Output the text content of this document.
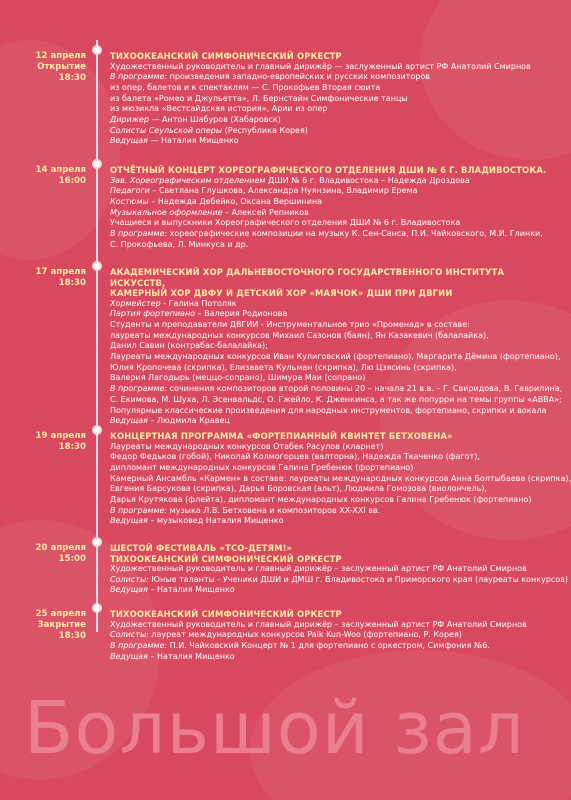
12 апреля
Открытие
18:30
ТИХООКЕАНСКИЙ СИМФОНИЧЕСКИЙ ОРКЕСТР
Художественный руководитель и главный дирижёр — заслуженный артист РФ Анатолий Смирнов
В программе: произведения западно-европейских и русских композиторов
из опер, балетов и к спектаклям — С. Прокофьев Вторая сюита
из балета «Ромео и Джульетта», Л. Бернстайн Симфонические танцы
из мюзикла «Вестсайдская история», Арии из опер
Дирижер — Антон Шабуров (Хабаровск)
Солисты Сеульской оперы (Республика Корея)
Ведущая — Наталия Мищенко
14 апреля
16:00
ОТЧЁТНЫЙ КОНЦЕРТ ХОРЕОГРАФИЧЕСКОГО ОТДЕЛЕНИЯ ДШИ № 6 Г. ВЛАДИВОСТОКА.
Зав. Хореографическим отделением ДШИ № 6 г. Владивостока – Надежда Дроздова
Педагоги – Светлана Глушкова, Александра Нуянзина, Владимир Ерема
Костюмы – Надежда Дебейко, Оксана Вершинина
Музыкальное оформление – Алексей Репников
Учащиеся и выпускники Хореографического отделения ДШИ № 6 г. Владивостока
В программе: хореографические композиции на музыку К. Сен-Санса, П.И. Чайковского, М.И. Глинки,
С. Прокофьева, Л. Минкуса и др.
17 апреля
18:30
АКАДЕМИЧЕСКИЙ ХОР ДАЛЬНЕВОСТОЧНОГО ГОСУДАРСТВЕННОГО ИНСТИТУТА ИСКУССТВ,
КАМЕРНЫЙ ХОР ДВФУ И ДЕТСКИЙ ХОР «МАЯЧОК» ДШИ ПРИ ДВГИИ
Хормейстер - Галина Потоляк
Партия фортепиано – Валерия Родионова
Студенты и преподаватели ДВГИИ - Инструментальное трио «Променад» в составе:
лауреаты международных конкурсов Михаил Сазонов (баян), Ян Казакевич (балалайка),
Данил Савин (контрабас-балалайка);
Лауреаты международных конкурсов Иван Кулиговский (фортепиано), Маргарита Дёмина (фортепиано),
Юлия Кропочева (скрипка), Елизавета Кульман (скрипка), Лю Цзясинь (скрипка),
Валерия Лагодырь (меццо-сопрано), Шимура Маи (сопрано)
В программе: сочинения композиторов второй половины 20 – начала 21 в.в. – Г. Свиридова, В. Гаврилина,
С. Екимова, М. Шуха, Л. Эсенвальдс, О. Гжейло, К. Дженкинса, а так же попурри на темы группы «АВВА»;
Популярные классические произведения для народных инструментов, фортепиано, скрипки и вокала
Ведущая – Людмила Кравец
19 апреля
18:30
КОНЦЕРТНАЯ ПРОГРАММА «ФОРТЕПИАННЫЙ КВИНТЕТ БЕТХОВЕНА»
Лауреаты международных конкурсов Отабек Расулов (кларнет)
Федор Федьков (гобой), Николай Колмогорцев (валторна), Надежда Ткаченко (фагот),
дипломант международных конкурсов Галина Гребенюк (фортепиано)
Камерный Ансамбль «Кармен» в составе: лауреаты международных конкурсов Анна Болтыбаева (скрипка),
Евгения Барсукова (скрипка), Дарья Боровская (альт), Людмила Гомозова (виолончель),
Дарья Крутякова (флейта), дипломант международных конкурсов Галина Гребенюк (фортепиано)
В программе: музыка Л.В. Бетховена и композиторов XX-XXI вв.
Ведущая – музыковед Наталия Мищенко
20 апреля
15:00
ШЕСТОЙ ФЕСТИВАЛЬ «ТСО-ДЕТЯМ!»
ТИХООКЕАНСКИЙ СИМФОНИЧЕСКИЙ ОРКЕСТР
Художественный руководитель и главный дирижёр – заслуженный артист РФ Анатолий Смирнов
Солисты: Юные таланты - Ученики ДШИ и ДМШ г. Владивостока и Приморского края (лауреаты конкурсов)
Ведущая – Наталия Мищенко
25 апреля
Закрытие
18:30
ТИХООКЕАНСКИЙ СИМФОНИЧЕСКИЙ ОРКЕСТР
Художественный руководитель и главный дирижёр – заслуженный артист РФ Анатолий Смирнов
Солисты: лауреат международных конкурсов Paik Kun-Woo (фортепиано, Р. Корея)
В программе: П.И. Чайковский Концерт № 1 для фортепиано с оркестром, Симфония №6.
Ведущая – Наталия Мищенко
Большой зал
